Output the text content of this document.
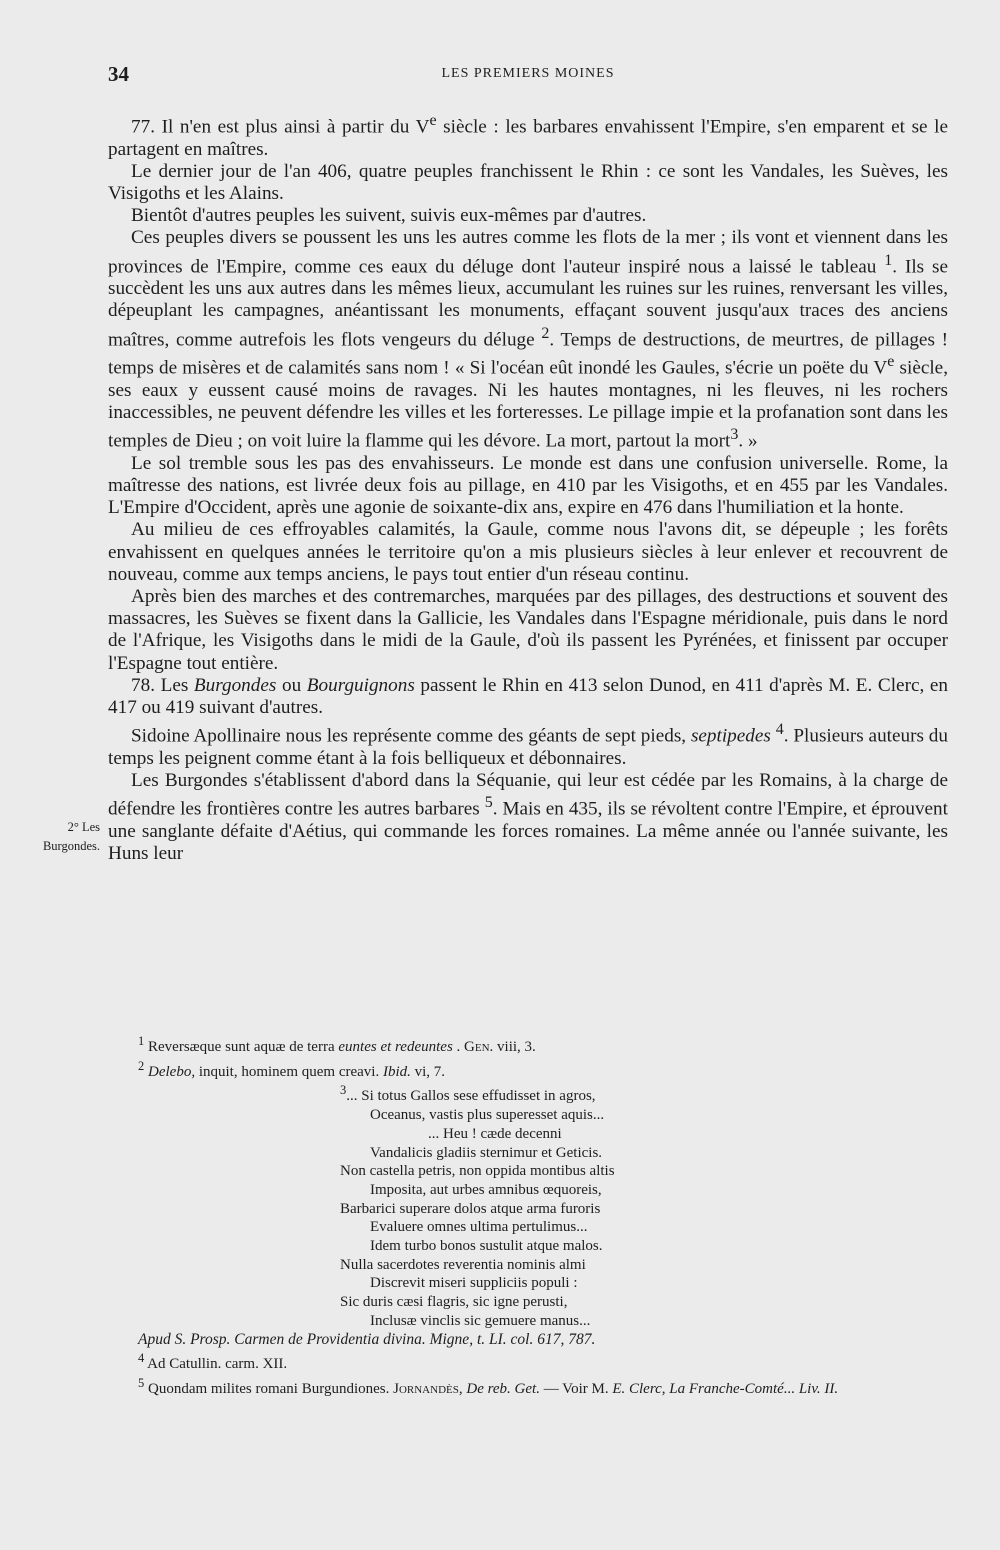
34	LES PREMIERS MOINES
2° Les
Burgondes.

77. Il n'en est plus ainsi à partir du Ve siècle : les barbares envahissent l'Empire, s'en emparent et se le partagent en maîtres.

Le dernier jour de l'an 406, quatre peuples franchissent le Rhin : ce sont les Vandales, les Suèves, les Visigoths et les Alains.

Bientôt d'autres peuples les suivent, suivis eux-mêmes par d'autres.

Ces peuples divers se poussent les uns les autres comme les flots de la mer ; ils vont et viennent dans les provinces de l'Empire, comme ces eaux du déluge dont l'auteur inspiré nous a laissé le tableau $^1$. Ils se succèdent les uns aux autres dans les mêmes lieux, accumulant les ruines sur les ruines, renversant les villes, dépeuplant les campagnes, anéantissant les monuments, effaçant souvent jusqu'aux traces des anciens maîtres, comme autrefois les flots vengeurs du déluge $^2$. Temps de destructions, de meurtres, de pillages ! temps de misères et de calamités sans nom ! « Si l'océan eût inondé les Gaules, s'écrie un poëte du Ve siècle, ses eaux y eussent causé moins de ravages. Ni les hautes montagnes, ni les fleuves, ni les rochers inaccessibles, ne peuvent défendre les villes et les forteresses. Le pillage impie et la profanation sont dans les temples de Dieu ; on voit luire la flamme qui les dévore. La mort, partout la mort$^3$. »

Le sol tremble sous les pas des envahisseurs. Le monde est dans une confusion universelle. Rome, la maîtresse des nations, est livrée deux fois au pillage, en 410 par les Visigoths, et en 455 par les Vandales. L'Empire d'Occident, après une agonie de soixante-dix ans, expire en 476 dans l'humiliation et la honte.

Au milieu de ces effroyables calamités, la Gaule, comme nous l'avons dit, se dépeuple ; les forêts envahissent en quelques années le territoire qu'on a mis plusieurs siècles à leur enlever et recouvrent de nouveau, comme aux temps anciens, le pays tout entier d'un réseau continu.

Après bien des marches et des contremarches, marquées par des pillages, des destructions et souvent des massacres, les Suèves se fixent dans la Gallicie, les Vandales dans l'Espagne méridionale, puis dans le nord de l'Afrique, les Visigoths dans le midi de la Gaule, d'où ils passent les Pyrénées, et finissent par occuper l'Espagne tout entière.

78. Les Burgondes ou Bourguignons passent le Rhin en 413 selon Dunod, en 411 d'après M. E. Clerc, en 417 ou 419 suivant d'autres.

Sidoine Apollinaire nous les représente comme des géants de sept pieds, septipedes $^4$. Plusieurs auteurs du temps les peignent comme étant à la fois belliqueux et débonnaires.

Les Burgondes s'établissent d'abord dans la Séquanie, qui leur est cédée par les Romains, à la charge de défendre les frontières contre les autres barbares $^5$. Mais en 435, ils se révoltent contre l'Empire, et éprouvent une sanglante défaite d'Aétius, qui commande les forces romaines. La même année ou l'année suivante, les Huns leur

$^1$ Reversæque sunt aquæ de terra euntes et redeuntes . Gen. viii, 3.

$^2$ Delebo, inquit, hominem quem creavi. Ibid. vi, 7.

$^3$... Si totus Gallos sese effudisset in agros,
Oceanus, vastis plus superesset aquis...
... Heu ! cæde decenni
Vandalicis gladiis sternimur et Geticis.
Non castella petris, non oppida montibus altis
Imposita, aut urbes amnibus œquoreis,
Barbarici superare dolos atque arma furoris
Evaluere omnes ultima pertulimus...
Idem turbo bonos sustulit atque malos.
Nulla sacerdotes reverentia nominis almi
Discrevit miseri suppliciis populi :
Sic duris cæsi flagris, sic igne perusti,
Inclusæ vinclis sic gemuere manus...

Apud S. Prosp. Carmen de Providentia divina. Migne, t. LI. col. 617, 787.

$^4$ Ad Catullin. carm. XII.

$^5$ Quondam milites romani Burgundiones. Jornandès, De reb. Get. — Voir M. E. Clerc, La Franche-Comté... Liv. II.
